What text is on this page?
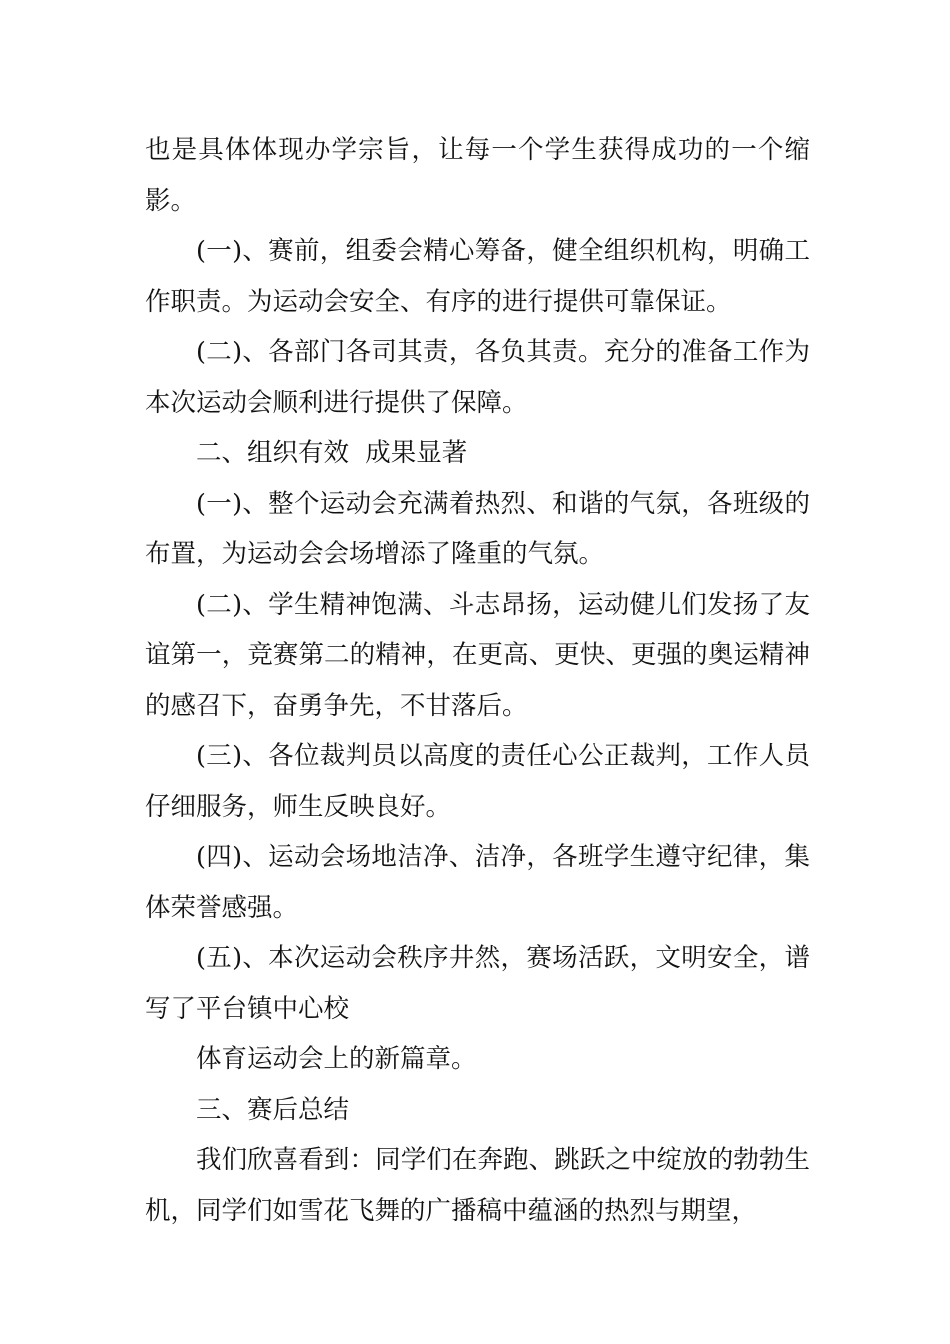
也是具体体现办学宗旨，让每一个学生获得成功的一个缩影。

(一)、赛前，组委会精心筹备，健全组织机构，明确工作职责。为运动会安全、有序的进行提供可靠保证。

(二)、各部门各司其责，各负其责。充分的准备工作为本次运动会顺利进行提供了保障。

二、组织有效  成果显著

(一)、整个运动会充满着热烈、和谐的气氛，各班级的布置，为运动会会场增添了隆重的气氛。

(二)、学生精神饱满、斗志昂扬，运动健儿们发扬了友谊第一，竞赛第二的精神，在更高、更快、更强的奥运精神的感召下，奋勇争先，不甘落后。

(三)、各位裁判员以高度的责任心公正裁判，工作人员仔细服务，师生反映良好。

(四)、运动会场地洁净、洁净，各班学生遵守纪律，集体荣誉感强。

(五)、本次运动会秩序井然，赛场活跃，文明安全，谱写了平台镇中心校

体育运动会上的新篇章。

三、赛后总结

我们欣喜看到：同学们在奔跑、跳跃之中绽放的勃勃生机，同学们如雪花飞舞的广播稿中蕴涵的热烈与期望，
